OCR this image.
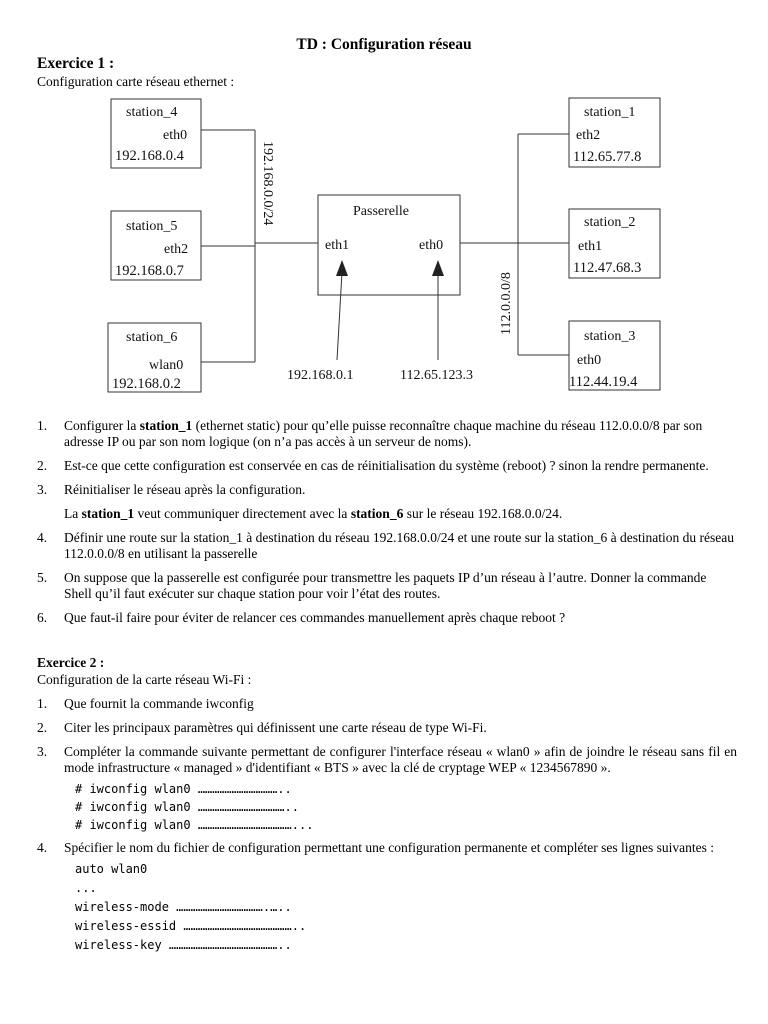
TD : Configuration réseau
Exercice 1 :
Configuration carte réseau ethernet :
station_4
eth0
192.168.0.4
station_5
eth2
192.168.0.7
station_6
wlan0
192.168.0.2
station_1
eth2
112.65.77.8
station_2
eth1
112.47.68.3
station_3
eth0
112.44.19.4
Passerelle
eth1	eth0
192.168.0.0/24
112.0.0.0/8
192.168.0.1	112.65.123.3
1. Configurer la station_1 (ethernet static) pour qu’elle puisse reconnaître chaque machine du réseau 112.0.0.0/8 par son adresse IP ou par son nom logique (on n’a pas accès à un serveur de noms).
2. Est-ce que cette configuration est conservée en cas de réinitialisation du système (reboot) ? sinon la rendre permanente.
3. Réinitialiser le réseau après la configuration.
La station_1 veut communiquer directement avec la station_6 sur le réseau 192.168.0.0/24.
4. Définir une route sur la station_1 à destination du réseau 192.168.0.0/24 et une route sur la station_6 à destination du réseau 112.0.0.0/8 en utilisant la passerelle
5. On suppose que la passerelle est configurée pour transmettre les paquets IP d’un réseau à l’autre. Donner la commande Shell qu’il faut exécuter sur chaque station pour voir l’état des routes.
6. Que faut-il faire pour éviter de relancer ces commandes manuellement après chaque reboot ?
Exercice 2 :
Configuration de la carte réseau Wi-Fi :
1. Que fournit la commande iwconfig
2. Citer les principaux paramètres qui définissent une carte réseau de type Wi-Fi.
3. Compléter la commande suivante permettant de configurer l'interface réseau « wlan0 » afin de joindre le réseau sans fil en mode infrastructure « managed » d'identifiant « BTS » avec la clé de cryptage WEP « 1234567890 ».
# iwconfig wlan0 ……………………………..
# iwconfig wlan0 ………………………………..
# iwconfig wlan0 …………………………………...
4. Spécifier le nom du fichier de configuration permettant une configuration permanente et compléter ses lignes suivantes :
auto wlan0
...
wireless-mode ……………………………….…..
wireless-essid ………………………………………..
wireless-key ………………………………………..
